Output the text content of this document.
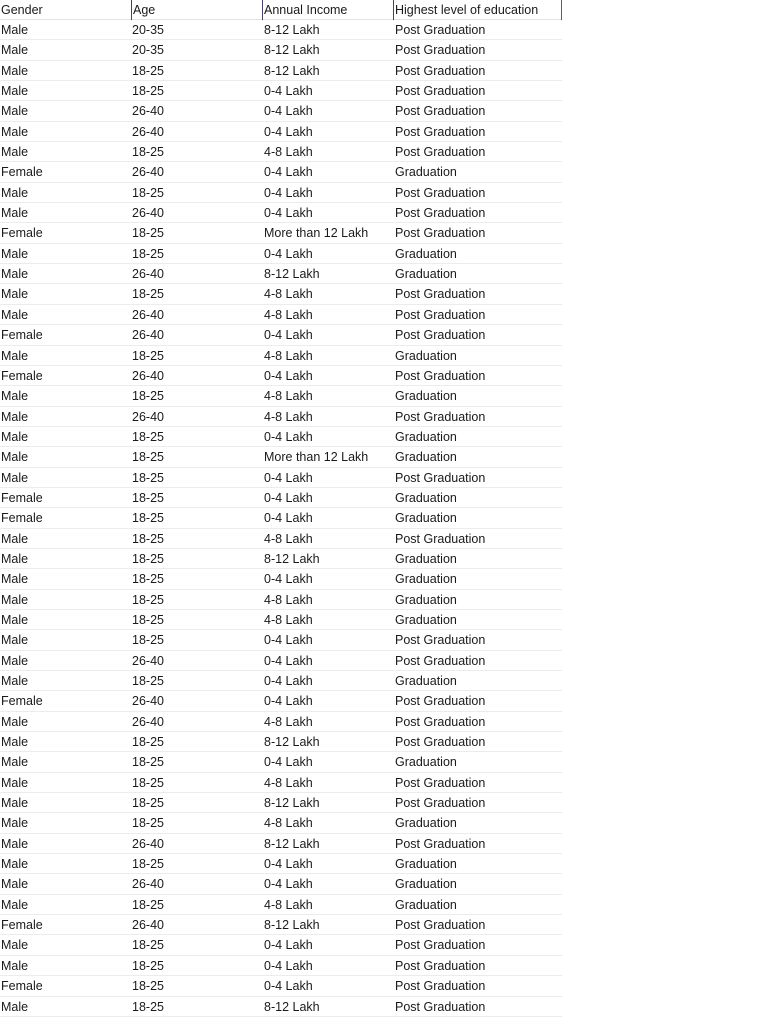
Gender	Age	Annual Income	Highest level of education
Male	20-35	8-12 Lakh	Post Graduation
Male	20-35	8-12 Lakh	Post Graduation
Male	18-25	8-12 Lakh	Post Graduation
Male	18-25	0-4 Lakh	Post Graduation
Male	26-40	0-4 Lakh	Post Graduation
Male	26-40	0-4 Lakh	Post Graduation
Male	18-25	4-8 Lakh	Post Graduation
Female	26-40	0-4 Lakh	Graduation
Male	18-25	0-4 Lakh	Post Graduation
Male	26-40	0-4 Lakh	Post Graduation
Female	18-25	More than 12 Lakh	Post Graduation
Male	18-25	0-4 Lakh	Graduation
Male	26-40	8-12 Lakh	Graduation
Male	18-25	4-8 Lakh	Post Graduation
Male	26-40	4-8 Lakh	Post Graduation
Female	26-40	0-4 Lakh	Post Graduation
Male	18-25	4-8 Lakh	Graduation
Female	26-40	0-4 Lakh	Post Graduation
Male	18-25	4-8 Lakh	Graduation
Male	26-40	4-8 Lakh	Post Graduation
Male	18-25	0-4 Lakh	Graduation
Male	18-25	More than 12 Lakh	Graduation
Male	18-25	0-4 Lakh	Post Graduation
Female	18-25	0-4 Lakh	Graduation
Female	18-25	0-4 Lakh	Graduation
Male	18-25	4-8 Lakh	Post Graduation
Male	18-25	8-12 Lakh	Graduation
Male	18-25	0-4 Lakh	Graduation
Male	18-25	4-8 Lakh	Graduation
Male	18-25	4-8 Lakh	Graduation
Male	18-25	0-4 Lakh	Post Graduation
Male	26-40	0-4 Lakh	Post Graduation
Male	18-25	0-4 Lakh	Graduation
Female	26-40	0-4 Lakh	Post Graduation
Male	26-40	4-8 Lakh	Post Graduation
Male	18-25	8-12 Lakh	Post Graduation
Male	18-25	0-4 Lakh	Graduation
Male	18-25	4-8 Lakh	Post Graduation
Male	18-25	8-12 Lakh	Post Graduation
Male	18-25	4-8 Lakh	Graduation
Male	26-40	8-12 Lakh	Post Graduation
Male	18-25	0-4 Lakh	Graduation
Male	26-40	0-4 Lakh	Graduation
Male	18-25	4-8 Lakh	Graduation
Female	26-40	8-12 Lakh	Post Graduation
Male	18-25	0-4 Lakh	Post Graduation
Male	18-25	0-4 Lakh	Post Graduation
Female	18-25	0-4 Lakh	Post Graduation
Male	18-25	8-12 Lakh	Post Graduation
